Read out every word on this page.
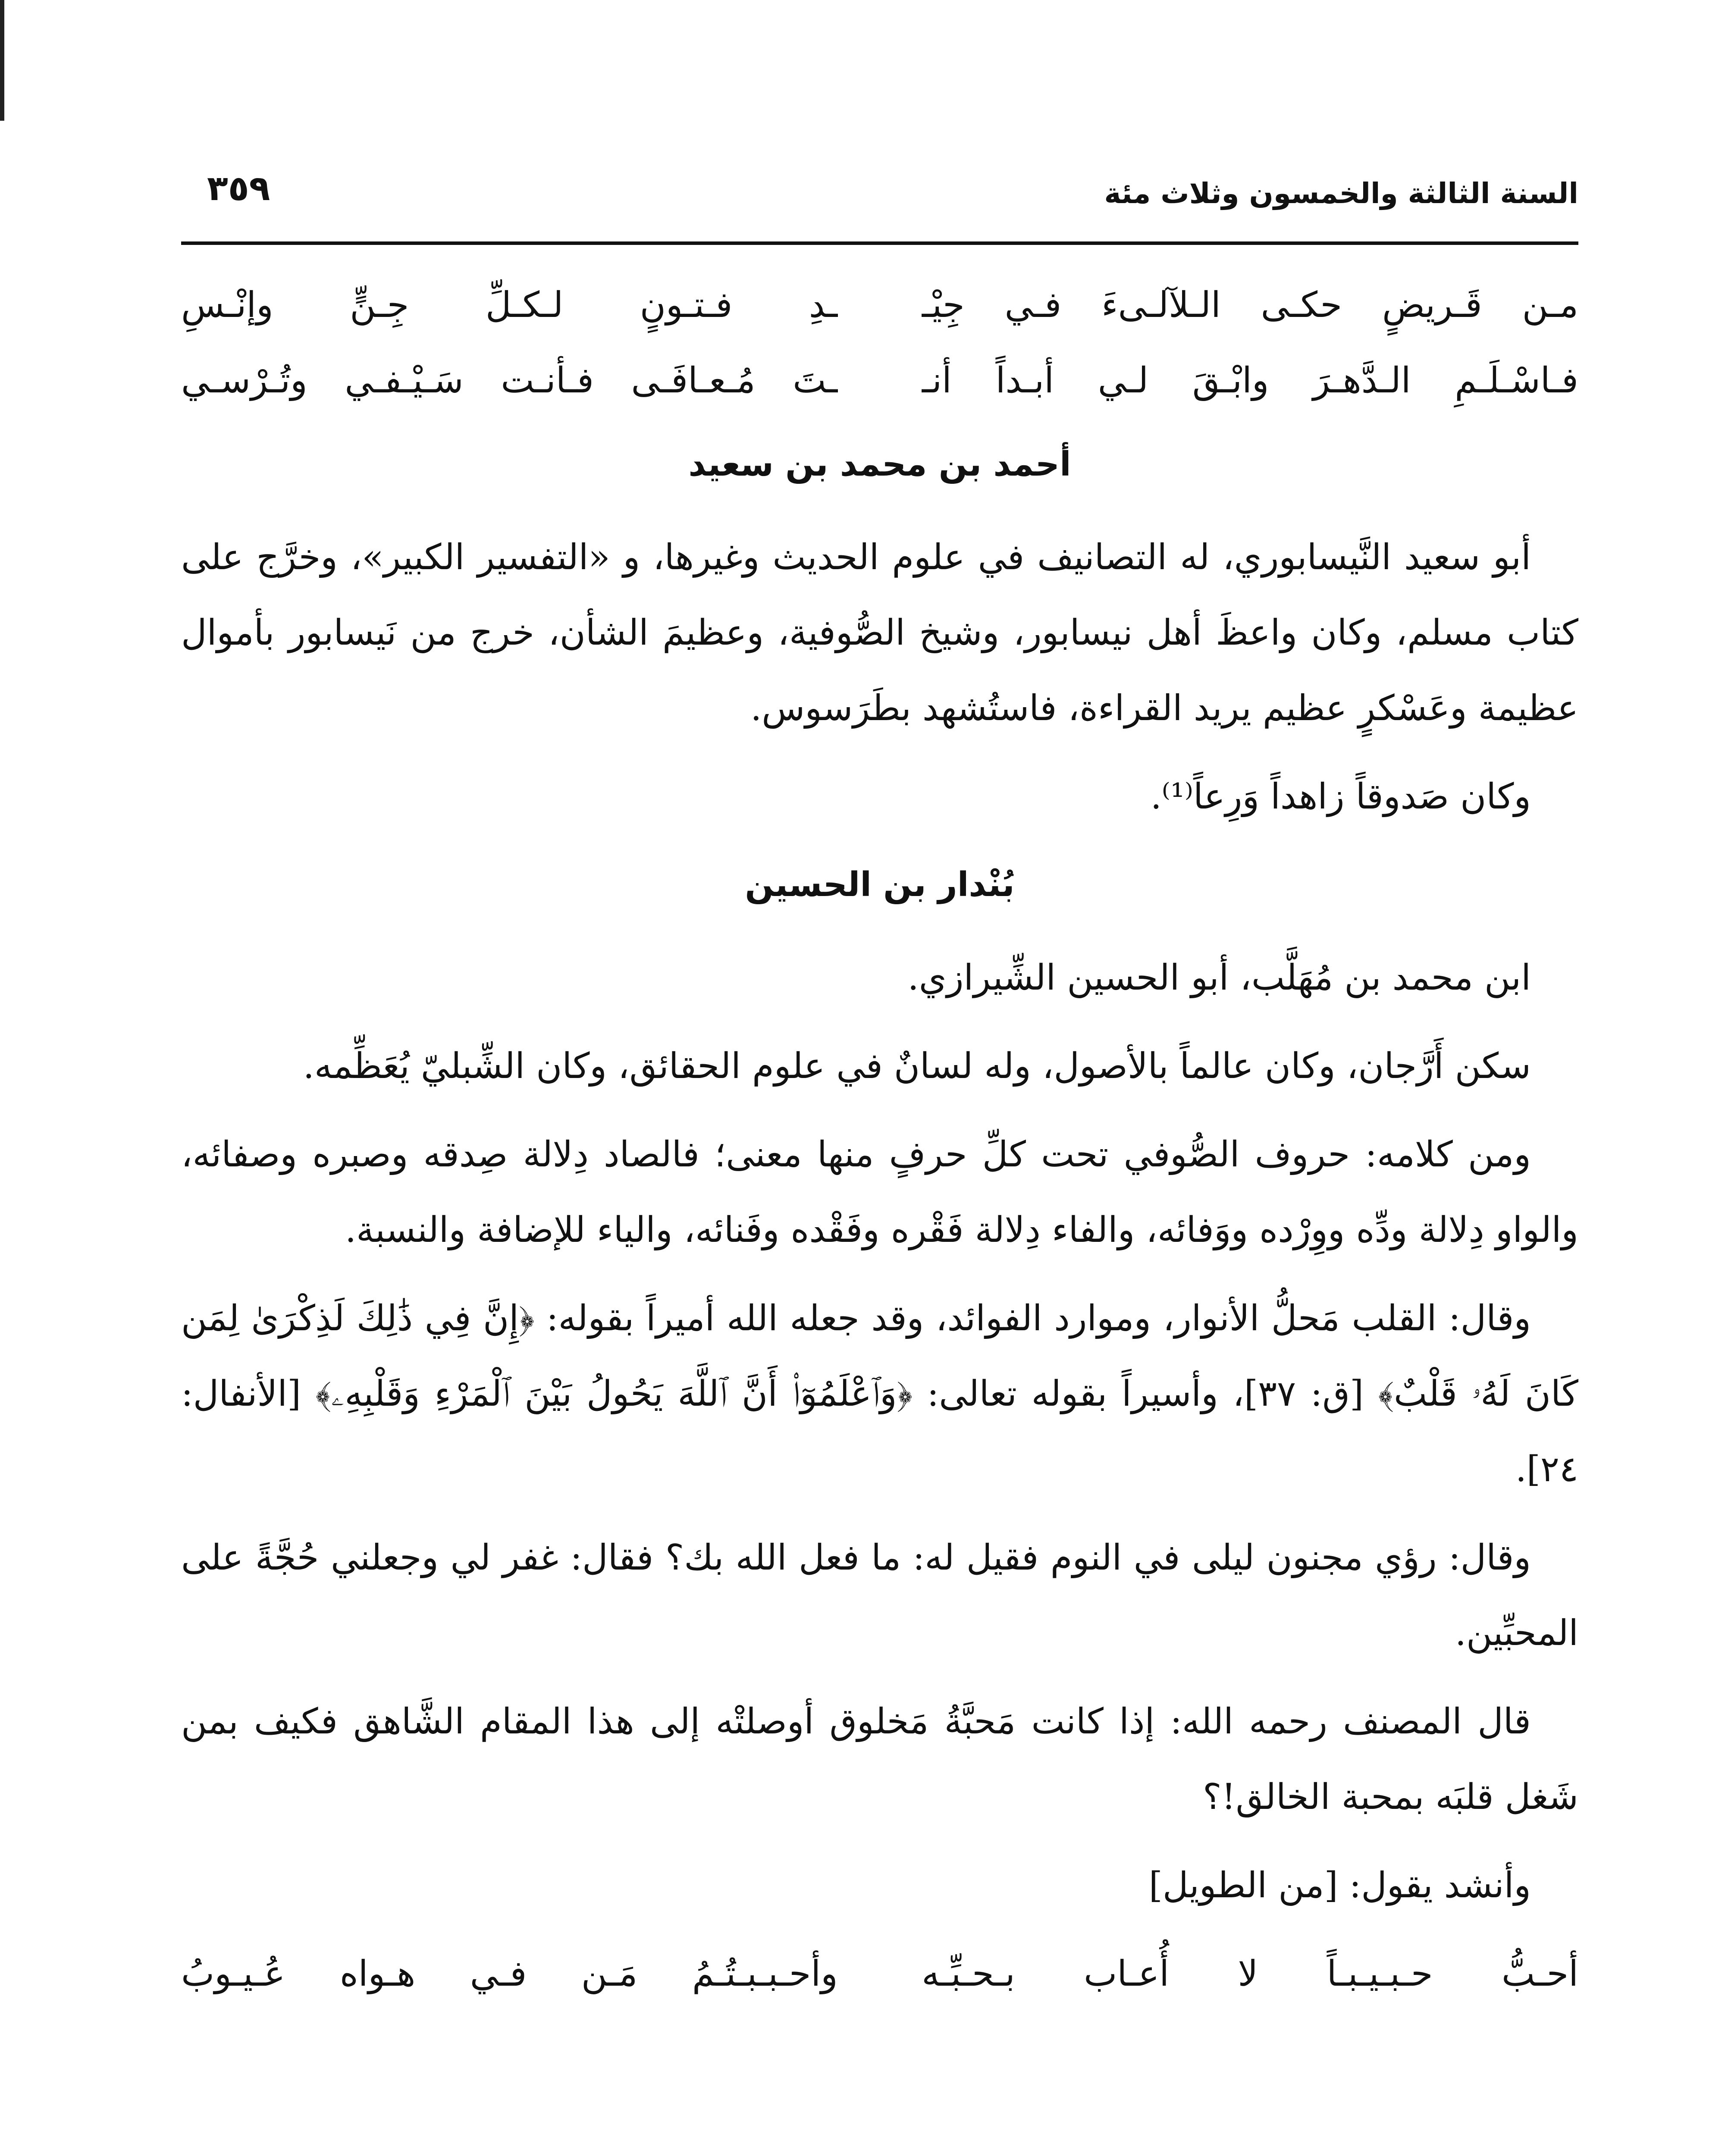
السنة الثالثة والخمسون وثلاث مئة
٣٥٩
مـن قَـريضٍ حكـى الـلآلـىءَ فـي جِيْـ
ـدِ فـتـونٍ لـكـلِّ جِـنٍّ وإنْـسِ
فـاسْـلَـمِ الـدَّهـرَ وابْـقَ لـي أبـداً أنـ
ـتَ مُـعـافَـى فـأنـت سَـيْـفـي وتُـرْسـي
أحمد بن محمد بن سعيد

أبو سعيد النَّيسابوري، له التصانيف في علوم الحديث وغيرها، و «التفسير الكبير»، وخرَّج على كتاب مسلم، وكان واعظَ أهل نيسابور، وشيخ الصُّوفية، وعظيمَ الشأن، خرج من نَيسابور بأموال عظيمة وعَسْكرٍ عظيم يريد القراءة، فاستُشهد بطَرَسوس.

وكان صَدوقاً زاهداً وَرِعاً⁽¹⁾.

بُنْدار بن الحسين

ابن محمد بن مُهَلَّب، أبو الحسين الشِّيرازي.

سكن أَرَّجان، وكان عالماً بالأصول، وله لسانٌ في علوم الحقائق، وكان الشِّبليّ يُعَظِّمه.

ومن كلامه: حروف الصُّوفي تحت كلِّ حرفٍ منها معنى؛ فالصاد دِلالة صِدقه وصبره وصفائه، والواو دِلالة ودِّه ووِرْده ووَفائه، والفاء دِلالة فَقْره وفَقْده وفَنائه، والياء للإضافة والنسبة.

وقال: القلب مَحلُّ الأنوار، وموارد الفوائد، وقد جعله الله أميراً بقوله: ﴿إِنَّ فِي ذَٰلِكَ لَذِكْرَىٰ لِمَن كَانَ لَهُۥ قَلْبٌ﴾ [ق: ٣٧]، وأسيراً بقوله تعالى: ﴿وَٱعْلَمُوٓا۟ أَنَّ ٱللَّهَ يَحُولُ بَيْنَ ٱلْمَرْءِ وَقَلْبِهِۦ﴾ [الأنفال: ٢٤].

وقال: رؤي مجنون ليلى في النوم فقيل له: ما فعل الله بك؟ فقال: غفر لي وجعلني حُجَّةً على المحبِّين.

قال المصنف رحمه الله: إذا كانت مَحبَّةُ مَخلوق أوصلتْه إلى هذا المقام الشَّاهق فكيف بمن شَغل قلبَه بمحبة الخالق!؟

وأنشد يقول: [من الطويل]

أحـبُّ حـبـيـبـاً لا أُعـاب بـحـبِّـه
وأحـبـبـتُـمُ مَـن فـي هـواه عُـيـوبُ
